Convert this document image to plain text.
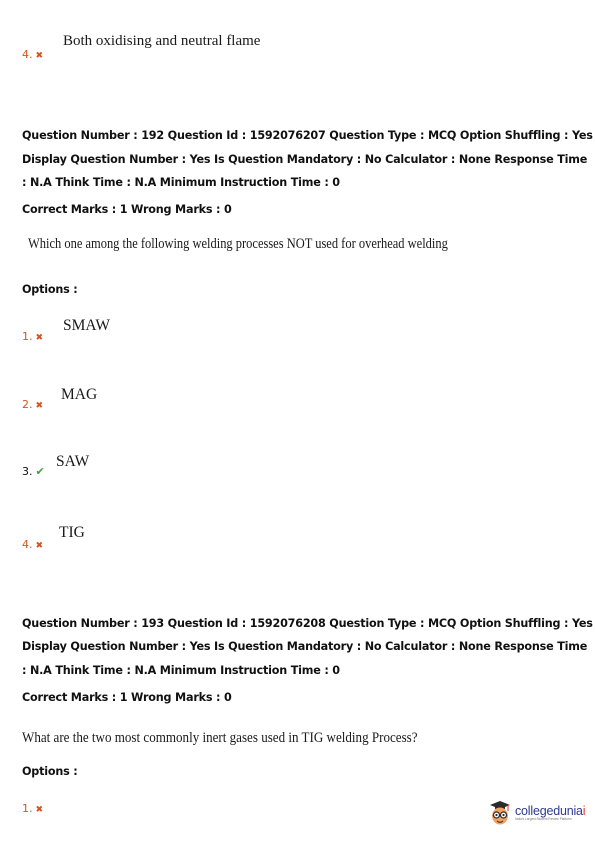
4. ✖
Both oxidising and neutral flame
Question Number : 192 Question Id : 1592076207 Question Type : MCQ Option Shuffling : Yes
Display Question Number : Yes Is Question Mandatory : No Calculator : None Response Time
: N.A Think Time : N.A Minimum Instruction Time : 0
Correct Marks : 1 Wrong Marks : 0
Which one among the following welding processes NOT used for overhead welding
Options :
1. ✖
SMAW
2. ✖
MAG
3. ✔
SAW
4. ✖
TIG
Question Number : 193 Question Id : 1592076208 Question Type : MCQ Option Shuffling : Yes
Display Question Number : Yes Is Question Mandatory : No Calculator : None Response Time
: N.A Think Time : N.A Minimum Instruction Time : 0
Correct Marks : 1 Wrong Marks : 0
What are the two most commonly inert gases used in TIG welding Process?
Options :
1. ✖	collegeduniai
India's Largest Student Review Platform
